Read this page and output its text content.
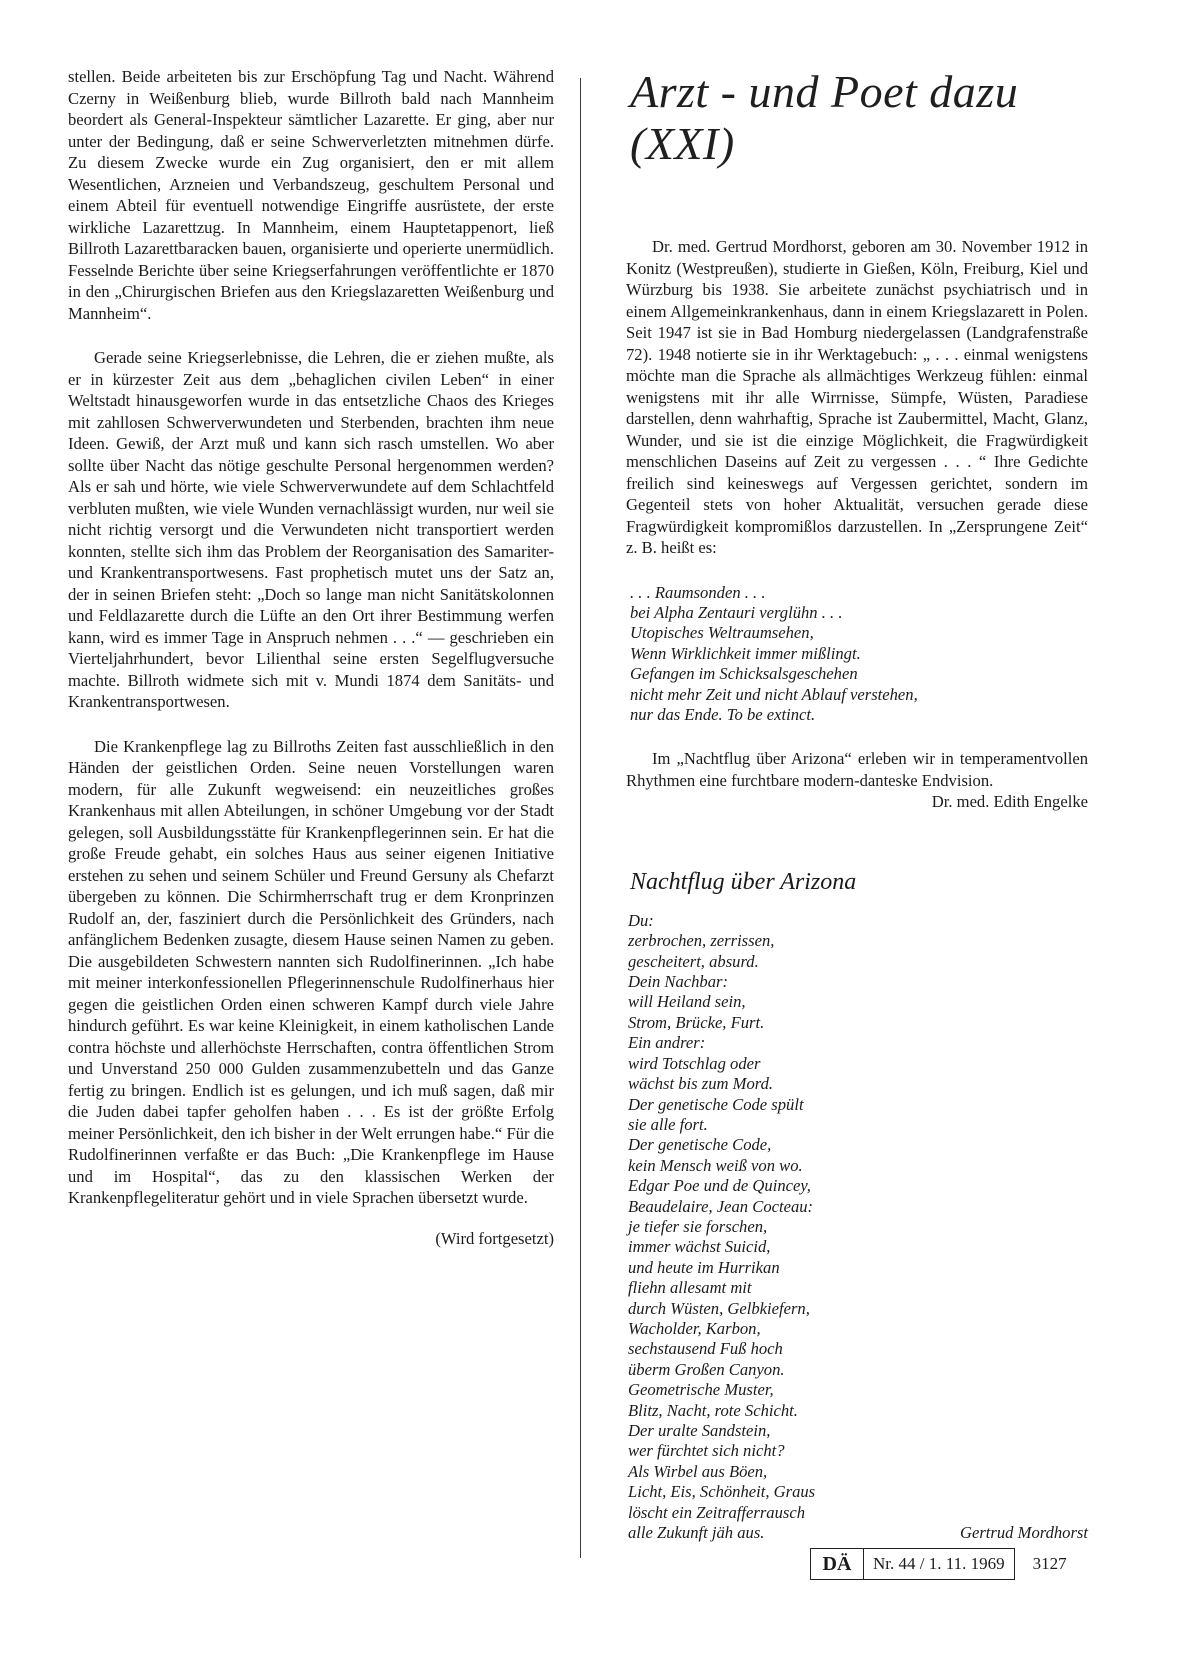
stellen. Beide arbeiteten bis zur Erschöpfung Tag und Nacht. Während Czerny in Weißenburg blieb, wurde Billroth bald nach Mannheim beordert als General-Inspekteur sämtlicher Lazarette. Er ging, aber nur unter der Bedingung, daß er seine Schwerverletzten mitnehmen dürfe. Zu diesem Zwecke wurde ein Zug organisiert, den er mit allem Wesentlichen, Arzneien und Verbandszeug, geschultem Personal und einem Abteil für eventuell notwendige Eingriffe ausrüstete, der erste wirkliche Lazarettzug. In Mannheim, einem Hauptetappenort, ließ Billroth Lazarettbaracken bauen, organisierte und operierte unermüdlich. Fesselnde Berichte über seine Kriegserfahrungen veröffentlichte er 1870 in den „Chirurgischen Briefen aus den Kriegslazaretten Weißenburg und Mannheim“.

Gerade seine Kriegserlebnisse, die Lehren, die er ziehen mußte, als er in kürzester Zeit aus dem „behaglichen civilen Leben“ in einer Weltstadt hinausgeworfen wurde in das entsetzliche Chaos des Krieges mit zahllosen Schwerverwundeten und Sterbenden, brachten ihm neue Ideen. Gewiß, der Arzt muß und kann sich rasch umstellen. Wo aber sollte über Nacht das nötige geschulte Personal hergenommen werden? Als er sah und hörte, wie viele Schwerverwundete auf dem Schlachtfeld verbluten mußten, wie viele Wunden vernachlässigt wurden, nur weil sie nicht richtig versorgt und die Verwundeten nicht transportiert werden konnten, stellte sich ihm das Problem der Reorganisation des Samariter- und Krankentransportwesens. Fast prophetisch mutet uns der Satz an, der in seinen Briefen steht: „Doch so lange man nicht Sanitätskolonnen und Feldlazarette durch die Lüfte an den Ort ihrer Bestimmung werfen kann, wird es immer Tage in Anspruch nehmen . . .“ — geschrieben ein Vierteljahrhundert, bevor Lilienthal seine ersten Segelflugversuche machte. Billroth widmete sich mit v. Mundi 1874 dem Sanitäts- und Krankentransportwesen.

Die Krankenpflege lag zu Billroths Zeiten fast ausschließlich in den Händen der geistlichen Orden. Seine neuen Vorstellungen waren modern, für alle Zukunft wegweisend: ein neuzeitliches großes Krankenhaus mit allen Abteilungen, in schöner Umgebung vor der Stadt gelegen, soll Ausbildungsstätte für Krankenpflegerinnen sein. Er hat die große Freude gehabt, ein solches Haus aus seiner eigenen Initiative erstehen zu sehen und seinem Schüler und Freund Gersuny als Chefarzt übergeben zu können. Die Schirmherrschaft trug er dem Kronprinzen Rudolf an, der, fasziniert durch die Persönlichkeit des Gründers, nach anfänglichem Bedenken zusagte, diesem Hause seinen Namen zu geben. Die ausgebildeten Schwestern nannten sich Rudolfinerinnen. „Ich habe mit meiner interkonfessionellen Pflegerinnenschule Rudolfinerhaus hier gegen die geistlichen Orden einen schweren Kampf durch viele Jahre hindurch geführt. Es war keine Kleinigkeit, in einem katholischen Lande contra höchste und allerhöchste Herrschaften, contra öffentlichen Strom und Unverstand 250 000 Gulden zusammenzubetteln und das Ganze fertig zu bringen. Endlich ist es gelungen, und ich muß sagen, daß mir die Juden dabei tapfer geholfen haben . . . Es ist der größte Erfolg meiner Persönlichkeit, den ich bisher in der Welt errungen habe.“ Für die Rudolfinerinnen verfaßte er das Buch: „Die Krankenpflege im Hause und im Hospital“, das zu den klassischen Werken der Krankenpflegeliteratur gehört und in viele Sprachen übersetzt wurde.

(Wird fortgesetzt)
Arzt - und Poet dazu (XXI)

Dr. med. Gertrud Mordhorst, geboren am 30. November 1912 in Konitz (Westpreußen), studierte in Gießen, Köln, Freiburg, Kiel und Würzburg bis 1938. Sie arbeitete zunächst psychiatrisch und in einem Allgemeinkrankenhaus, dann in einem Kriegslazarett in Polen. Seit 1947 ist sie in Bad Homburg niedergelassen (Landgrafenstraße 72). 1948 notierte sie in ihr Werktagebuch: „ . . . einmal wenigstens möchte man die Sprache als allmächtiges Werkzeug fühlen: einmal wenigstens mit ihr alle Wirrnisse, Sümpfe, Wüsten, Paradiese darstellen, denn wahrhaftig, Sprache ist Zaubermittel, Macht, Glanz, Wunder, und sie ist die einzige Möglichkeit, die Fragwürdigkeit menschlichen Daseins auf Zeit zu vergessen . . . “ Ihre Gedichte freilich sind keineswegs auf Vergessen gerichtet, sondern im Gegenteil stets von hoher Aktualität, versuchen gerade diese Fragwürdigkeit kompromißlos darzustellen. In „Zersprungene Zeit“ z. B. heißt es:

. . . Raumsonden . . .
bei Alpha Zentauri verglühn . . .
Utopisches Weltraumsehen,
Wenn Wirklichkeit immer mißlingt.
Gefangen im Schicksalsgeschehen
nicht mehr Zeit und nicht Ablauf verstehen,
nur das Ende. To be extinct.

Im „Nachtflug über Arizona“ erleben wir in temperamentvollen Rhythmen eine furchtbare modern-danteske Endvision.

Dr. med. Edith Engelke

Nachtflug über Arizona
Du:
zerbrochen, zerrissen,
gescheitert, absurd.
Dein Nachbar:
will Heiland sein,
Strom, Brücke, Furt.
Ein andrer:
wird Totschlag oder
wächst bis zum Mord.
Der genetische Code spült
sie alle fort.
Der genetische Code,
kein Mensch weiß von wo.
Edgar Poe und de Quincey,
Beaudelaire, Jean Cocteau:
je tiefer sie forschen,
immer wächst Suicid,
und heute im Hurrikan
fliehn allesamt mit
durch Wüsten, Gelbkiefern,
Wacholder, Karbon,
sechstausend Fuß hoch
überm Großen Canyon.
Geometrische Muster,
Blitz, Nacht, rote Schicht.
Der uralte Sandstein,
wer fürchtet sich nicht?
Als Wirbel aus Böen,
Licht, Eis, Schönheit, Graus
löscht ein Zeitrafferrausch
alle Zukunft jäh aus.	Gertrud Mordhorst
DÄ	Nr. 44 / 1. 11. 1969	3127
